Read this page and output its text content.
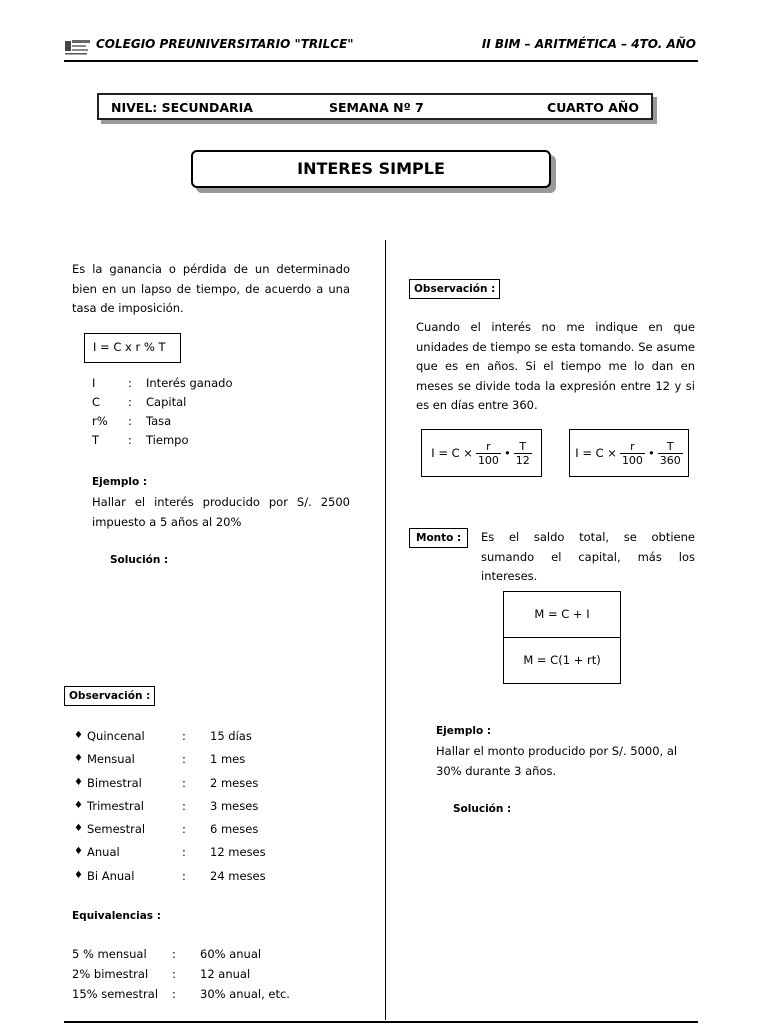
COLEGIO PREUNIVERSITARIO "TRILCE"	II BIM – ARITMÉTICA – 4TO. AÑO
NIVEL: SECUNDARIA	SEMANA Nº 7	CUARTO AÑO
INTERES SIMPLE
Es la ganancia o pérdida de un determinado bien en un lapso de tiempo, de acuerdo a una tasa de imposición.
I = C x r % T
I	: Interés ganado
C : Capital
r% : Tasa
T	: Tiempo
Ejemplo :
Hallar el interés producido por S/. 2500 impuesto a 5 años al 20%
Solución :
Observación :
♦ Quincenal	: 15 días
♦ Mensual	: 1 mes
♦ Bimestral	: 2 meses
♦ Trimestral	: 3 meses
♦ Semestral	: 6 meses
♦ Anual	: 12 meses
♦ Bi Anual	: 24 meses
Equivalencias :
5 % mensual : 60% anual
2% bimestral : 12 anual
15% semestral : 30% anual, etc.
Observación :
Cuando el interés no me indique en que unidades de tiempo se esta tomando. Se asume que es en años. Si el tiempo me lo dan en meses se divide toda la expresión entre 12 y si es en días entre 360.
$I = C \times \frac{r}{100}$ • $\frac{T}{12}$	$I = C \times \frac{r}{100}$ • $\frac{T}{360}$
Monto :	Es el saldo total, se obtiene sumando el capital, más los intereses.
M = C + I
M = C(1 + rt)
Ejemplo :
Hallar el monto producido por S/. 5000, al 30% durante 3 años.
Solución :
